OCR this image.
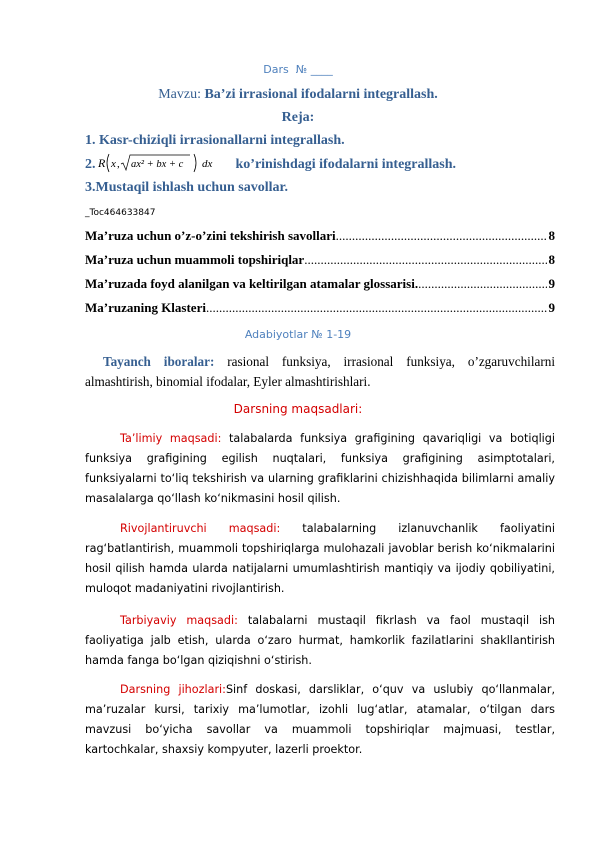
Dars № ____
Mavzu: Ba’zi irrasional ifodalarni integrallash.
Reja:
1. Kasr-chiziqli irrasionallarni integrallash.
2. R x , ax² + bx + c dx ko’rinishdagi ifodalarni integrallash.
3.Mustaqil ishlash uchun savollar.
_Toc464633847
Ma’ruza uchun o’z-o’zini tekshirish savollari .....	8
Ma’ruza uchun muammoli topshiriqlar .....	8
Ma’ruzada foyd alanilgan va keltirilgan atamalar glossarisi. .....	9
Ma’ruzaning Klasteri .....	9
Adabiyotlar № 1-19
Tayanch iboralar: rasional funksiya, irrasional funksiya, o’zgaruvchilarni almashtirish, binomial ifodalar, Eyler almashtirishlari.
Darsning maqsadlari:
Ta’limiy maqsadi: talabalarda funksiya grafigining qavariqligi va botiqligi funksiya grafigining egilish nuqtalari, funksiya grafigining asimptotalari, funksiyalarni to‘liq tekshirish va ularning grafiklarini chizishhaqida bilimlarni amaliy masalalarga qo‘llash ko‘nikmasini hosil qilish.
Rivojlantiruvchi maqsadi: talabalarning izlanuvchanlik faoliyatini rag‘batlantirish, muammoli topshiriqlarga mulohazali javoblar berish ko‘nikmalarini hosil qilish hamda ularda natijalarni umumlashtirish mantiqiy va ijodiy qobiliyatini, muloqot madaniyatini rivojlantirish.
Tarbiyaviy maqsadi: talabalarni mustaqil fikrlash va faol mustaqil ish faoliyatiga jalb etish, ularda o‘zaro hurmat, hamkorlik fazilatlarini shakllantirish hamda fanga bo‘lgan qiziqishni o‘stirish.
Darsning jihozlari:Sinf doskasi, darsliklar, o‘quv va uslubiy qo‘llanmalar, ma’ruzalar kursi, tarixiy ma’lumotlar, izohli lug‘atlar, atamalar, o‘tilgan dars mavzusi bo‘yicha savollar va muammoli topshiriqlar majmuasi, testlar, kartochkalar, shaxsiy kompyuter, lazerli proektor.
